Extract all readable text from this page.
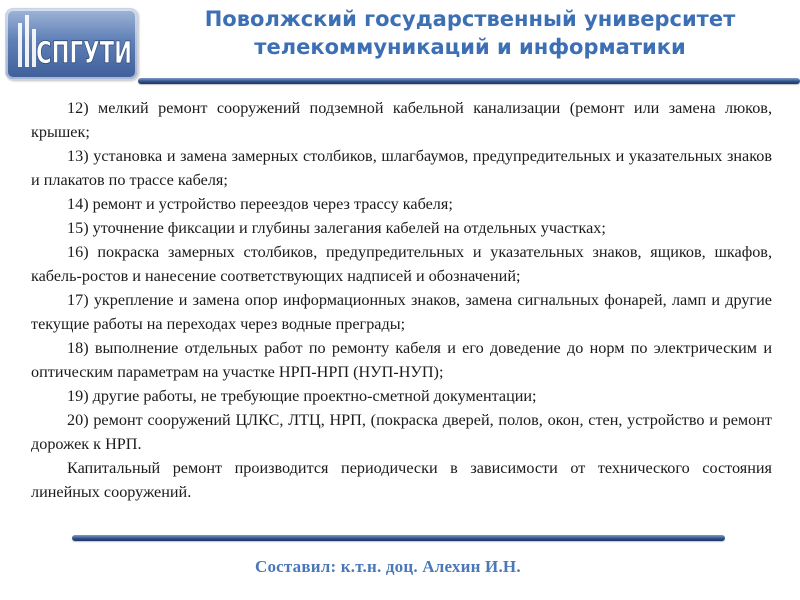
СПГУТИ
Поволжский государственный университет
телекоммуникаций и информатики

12) мелкий ремонт сооружений подземной кабельной канализации (ремонт или замена люков, крышек;

13) установка и замена замерных столбиков, шлагбаумов, предупредительных и указательных знаков и плакатов по трассе кабеля;

14) ремонт и устройство переездов через трассу кабеля;

15) уточнение фиксации и глубины залегания кабелей на отдельных участках;

16) покраска замерных столбиков, предупредительных и указательных знаков, ящиков, шкафов, кабель-ростов и нанесение соответствующих надписей и обозначений;

17) укрепление и замена опор информационных знаков, замена сигнальных фонарей, ламп и другие текущие работы на переходах через водные преграды;

18) выполнение отдельных работ по ремонту кабеля и его доведение до норм по электрическим и оптическим параметрам на участке НРП-НРП (НУП-НУП);

19) другие работы, не требующие проектно-сметной документации;

20) ремонт сооружений ЦЛКС, ЛТЦ, НРП, (покраска дверей, полов, окон, стен, устройство и ремонт дорожек к НРП.

Капитальный ремонт производится периодически в зависимости от технического состояния линейных сооружений.

Составил: к.т.н. доц. Алехин И.Н.
